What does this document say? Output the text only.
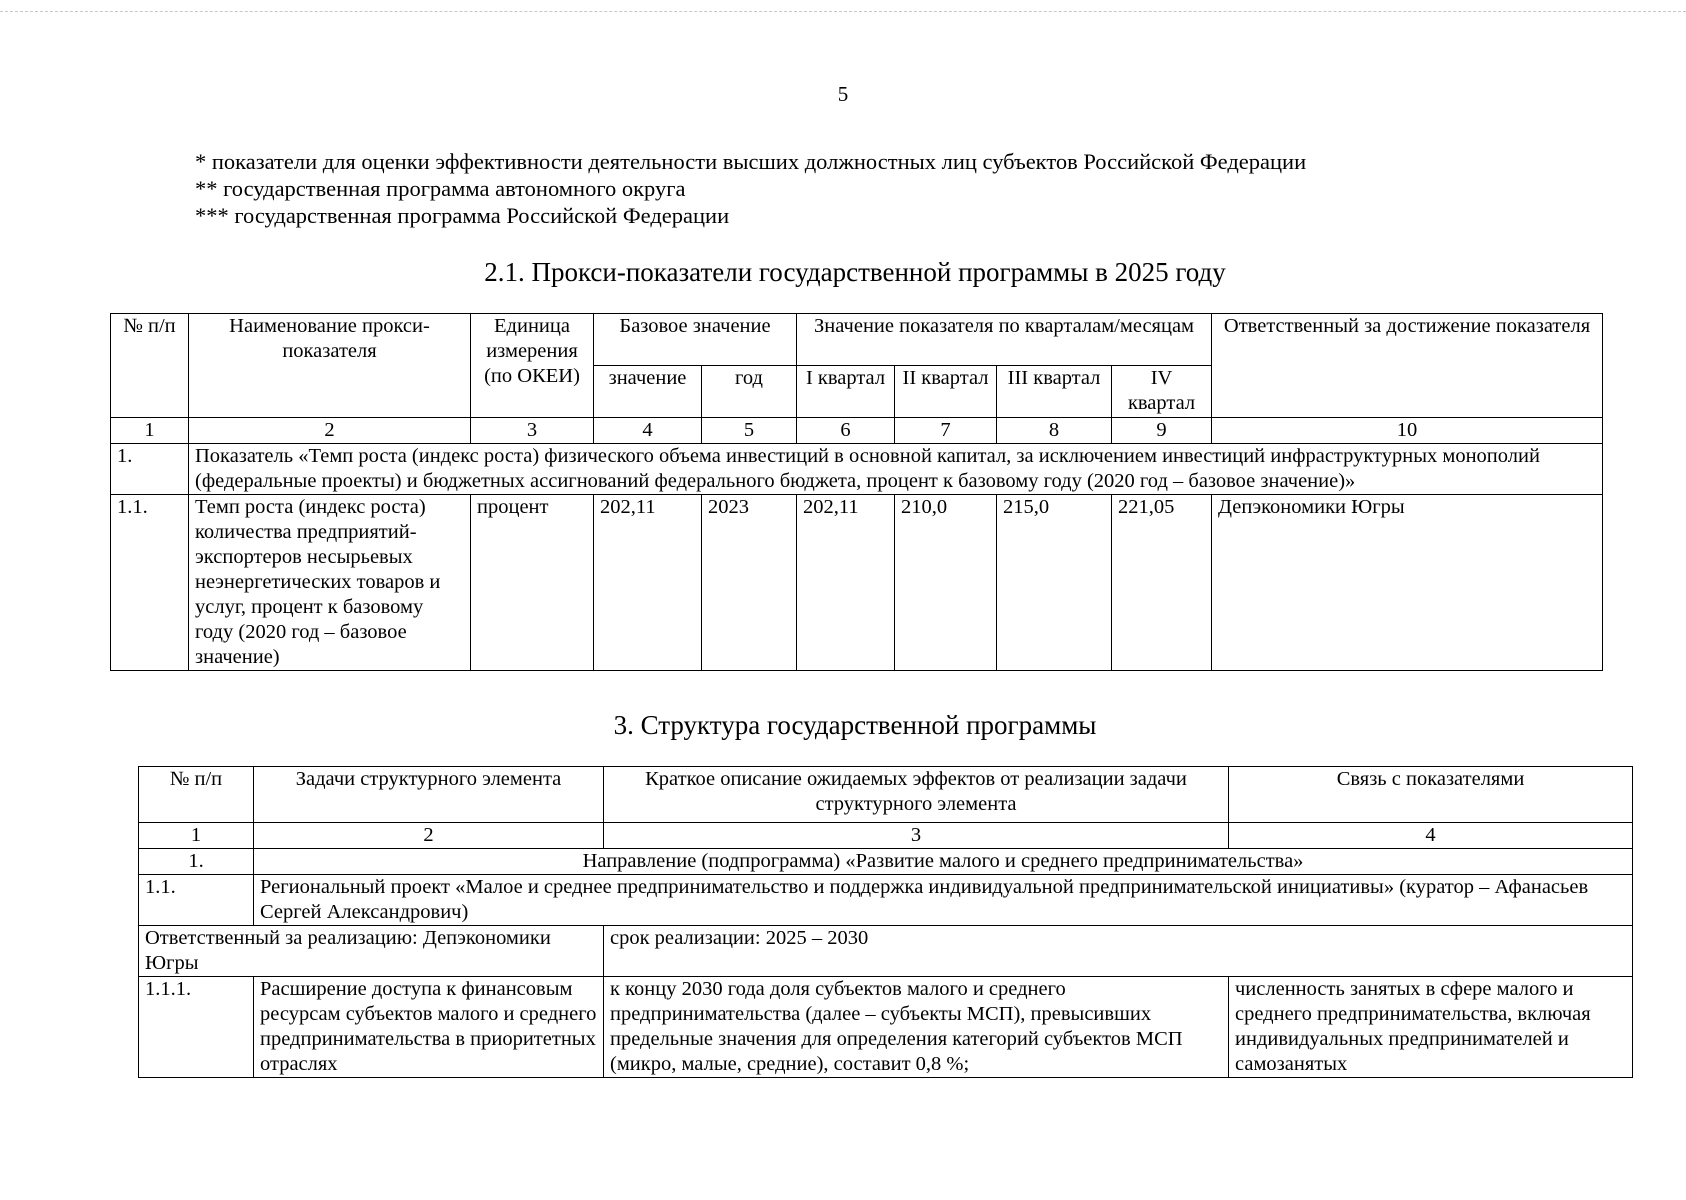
5
* показатели для оценки эффективности деятельности высших должностных лиц субъектов Российской Федерации
** государственная программа автономного округа
*** государственная программа Российской Федерации
2.1. Прокси-показатели государственной программы в 2025 году
№ п/п	Наименование прокси-показателя	Единица измерения (по ОКЕИ)	Базовое значение		Значение показателя по кварталам/месяцам				Ответственный за достижение показателя
			значение	год	I квартал	II квартал	III квартал	IV квартал	
1	2	3	4	5	6	7	8	9	10
1.	Показатель «Темп роста (индекс роста) физического объема инвестиций в основной капитал, за исключением инвестиций инфраструктурных монополий (федеральные проекты) и бюджетных ассигнований федерального бюджета, процент к базовому году (2020 год – базовое значение)»								
1.1.	Темп роста (индекс роста) количества предприятий-экспортеров несырьевых неэнергетических товаров и услуг, процент к базовому году (2020 год – базовое значение)	процент	202,11	2023	202,11	210,0	215,0	221,05	Депэкономики Югры
3. Структура государственной программы
№ п/п	Задачи структурного элемента	Краткое описание ожидаемых эффектов от реализации задачи структурного элемента	Связь с показателями
1	2	3	4
1.	Направление (подпрограмма) «Развитие малого и среднего предпринимательства»		
1.1.	Региональный проект «Малое и среднее предпринимательство и поддержка индивидуальной предпринимательской инициативы» (куратор – Афанасьев Сергей Александрович)		
Ответственный за реализацию: Депэкономики Югры		срок реализации: 2025 – 2030	
1.1.1.	Расширение доступа к финансовым ресурсам субъектов малого и среднего предпринимательства в приоритетных отраслях	к концу 2030 года доля субъектов малого и среднего предпринимательства (далее – субъекты МСП), превысивших предельные значения для определения категорий субъектов МСП (микро, малые, средние), составит 0,8 %;	численность занятых в сфере малого и среднего предпринимательства, включая индивидуальных предпринимателей и самозанятых
